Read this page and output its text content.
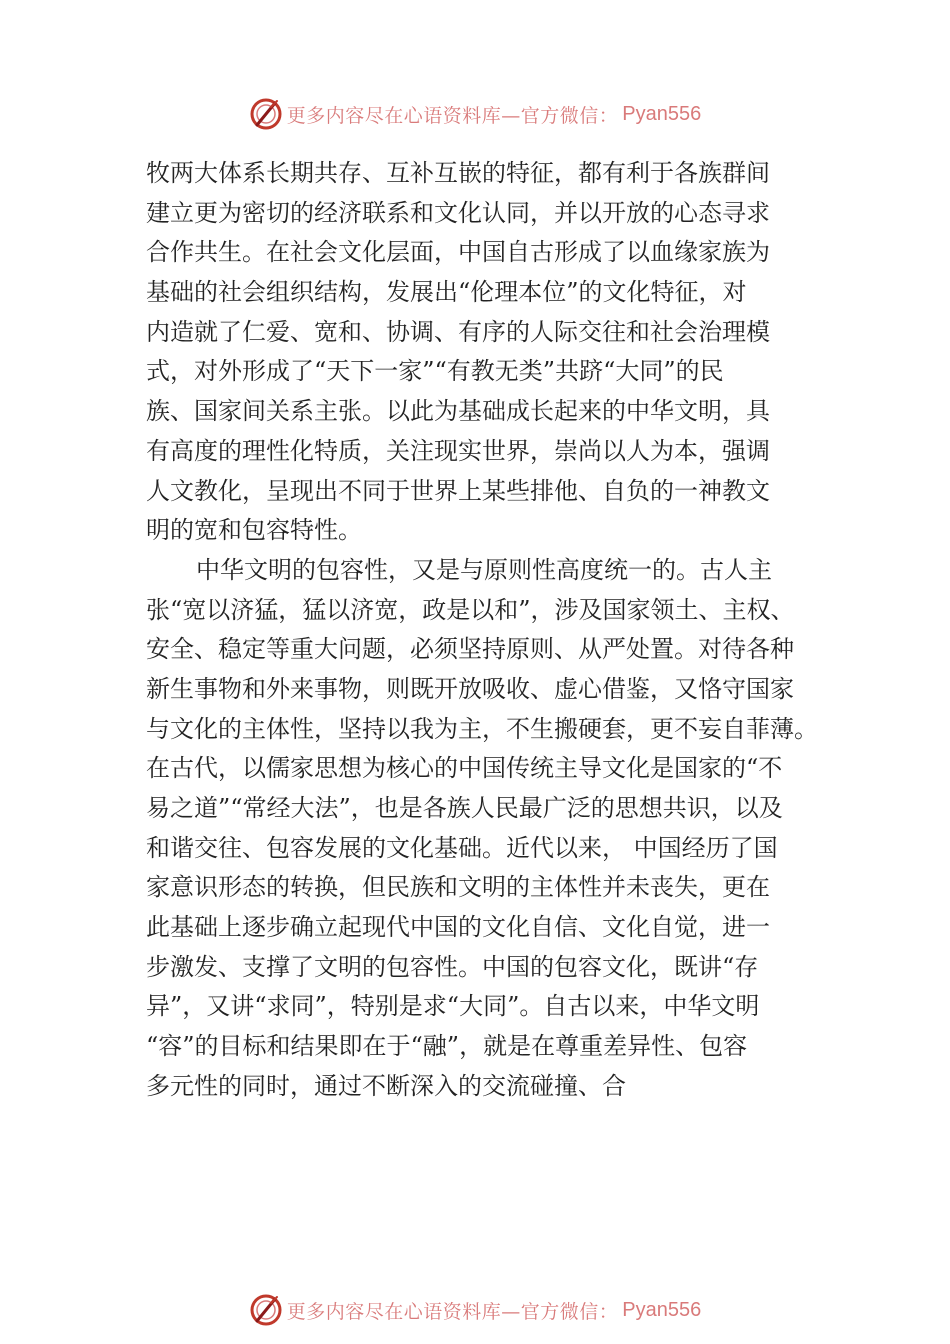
更多内容尽在心语资料库—官方微信： Pyan556
牧两大体系长期共存、互补互嵌的特征，都有利于各族群间
建立更为密切的经济联系和文化认同，并以开放的心态寻求
合作共生。在社会文化层面，中国自古形成了以血缘家族为
基础的社会组织结构，发展出“伦理本位”的文化特征，对
内造就了仁爱、宽和、协调、有序的人际交往和社会治理模
式，对外形成了“天下一家”“有教无类”共跻“大同”的民
族、国家间关系主张。以此为基础成长起来的中华文明，具
有高度的理性化特质，关注现实世界，崇尚以人为本，强调
人文教化，呈现出不同于世界上某些排他、自负的一神教文
明的宽和包容特性。
中华文明的包容性，又是与原则性高度统一的。古人主
张“宽以济猛，猛以济宽，政是以和”，涉及国家领土、主权、
安全、稳定等重大问题，必须坚持原则、从严处置。对待各种
新生事物和外来事物，则既开放吸收、虚心借鉴，又恪守国家
与文化的主体性，坚持以我为主，不生搬硬套，更不妄自菲薄。
在古代，以儒家思想为核心的中国传统主导文化是国家的“不
易之道”“常经大法”，也是各族人民最广泛的思想共识，以及
和谐交往、包容发展的文化基础。近代以来， 中国经历了国
家意识形态的转换，但民族和文明的主体性并未丧失，更在
此基础上逐步确立起现代中国的文化自信、文化自觉，进一
步激发、支撑了文明的包容性。中国的包容文化，既讲“存
异”，又讲“求同”，特别是求“大同”。自古以来，中华文明
“容”的目标和结果即在于“融”，就是在尊重差异性、包容
多元性的同时，通过不断深入的交流碰撞、合
更多内容尽在心语资料库—官方微信： Pyan556
